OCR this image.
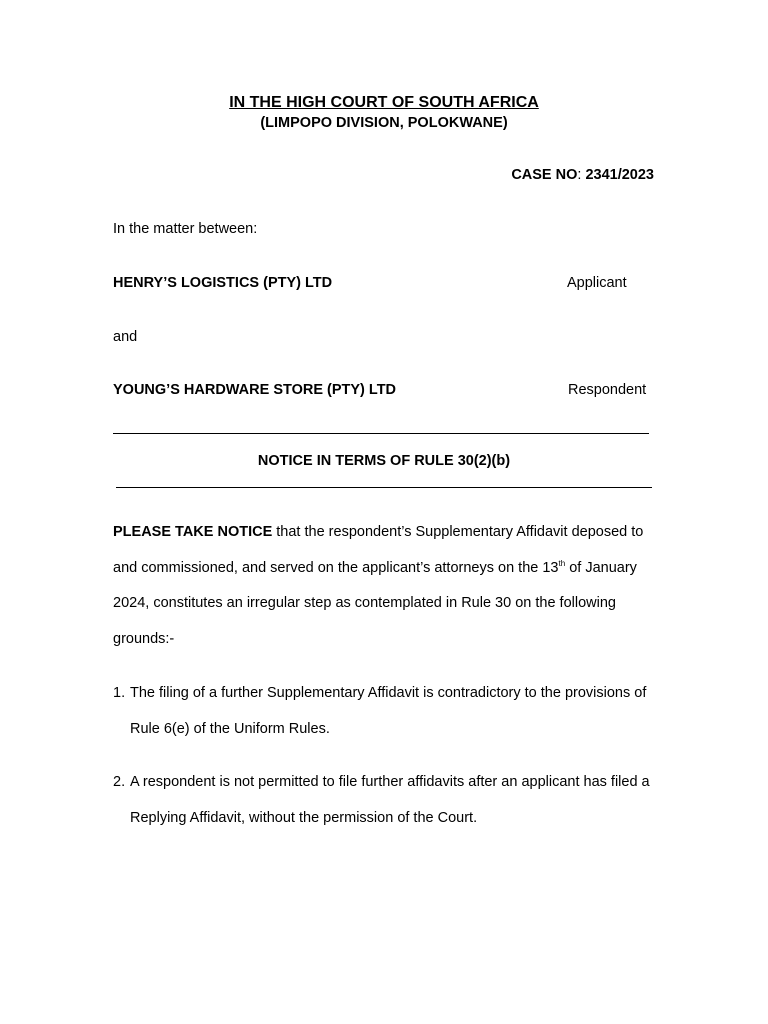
IN THE HIGH COURT OF SOUTH AFRICA
(LIMPOPO DIVISION, POLOKWANE)
CASE NO: 2341/2023
In the matter between:
HENRY’S LOGISTICS (PTY) LTD	Applicant
and
YOUNG’S HARDWARE STORE (PTY) LTD	Respondent
NOTICE IN TERMS OF RULE 30(2)(b)
PLEASE TAKE NOTICE that the respondent’s Supplementary Affidavit deposed to and commissioned, and served on the applicant’s attorneys on the 13th of January 2024, constitutes an irregular step as contemplated in Rule 30 on the following grounds:-
1. The filing of a further Supplementary Affidavit is contradictory to the provisions of Rule 6(e) of the Uniform Rules.
2. A respondent is not permitted to file further affidavits after an applicant has filed a Replying Affidavit, without the permission of the Court.
